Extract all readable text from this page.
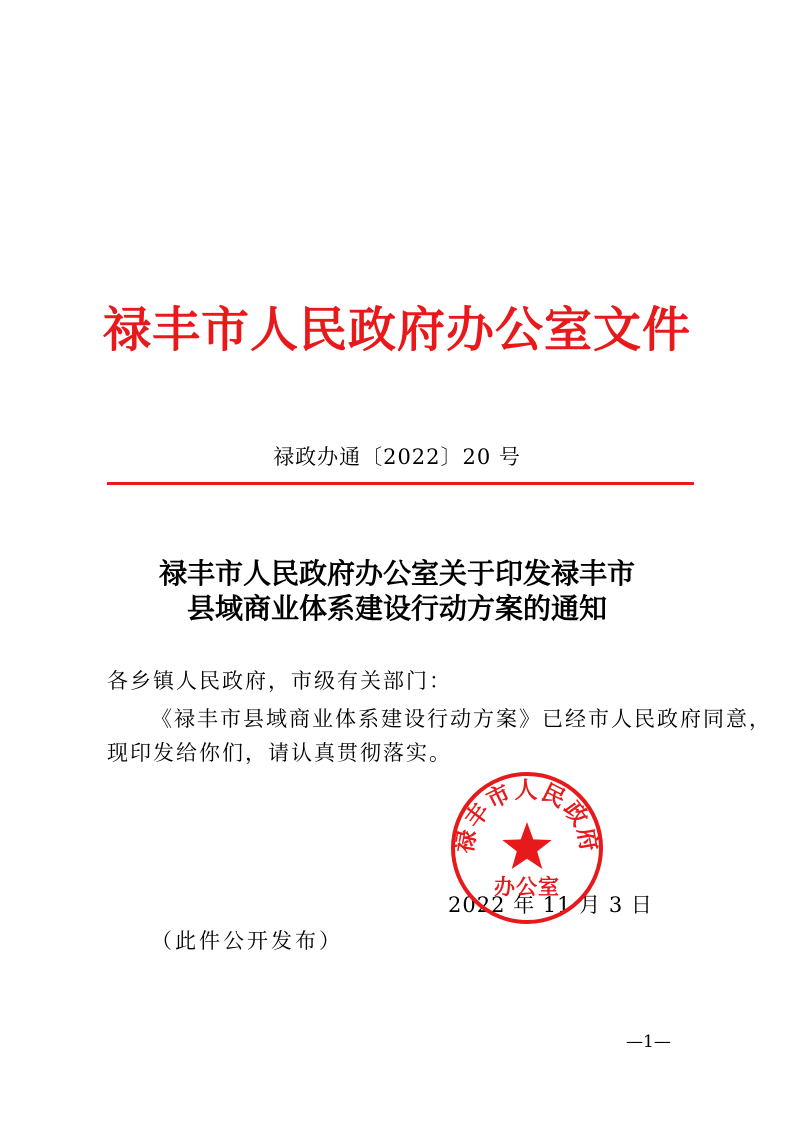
禄丰市人民政府办公室文件
禄政办通〔2022〕20 号
禄丰市人民政府办公室关于印发禄丰市
县域商业体系建设行动方案的通知
各乡镇人民政府，市级有关部门：
《禄丰市县域商业体系建设行动方案》已经市人民政府同意，
现印发给你们，请认真贯彻落实。
2022 年 11 月 3 日
禄丰市人民政府
办公室
（此件公开发布）
—1—
